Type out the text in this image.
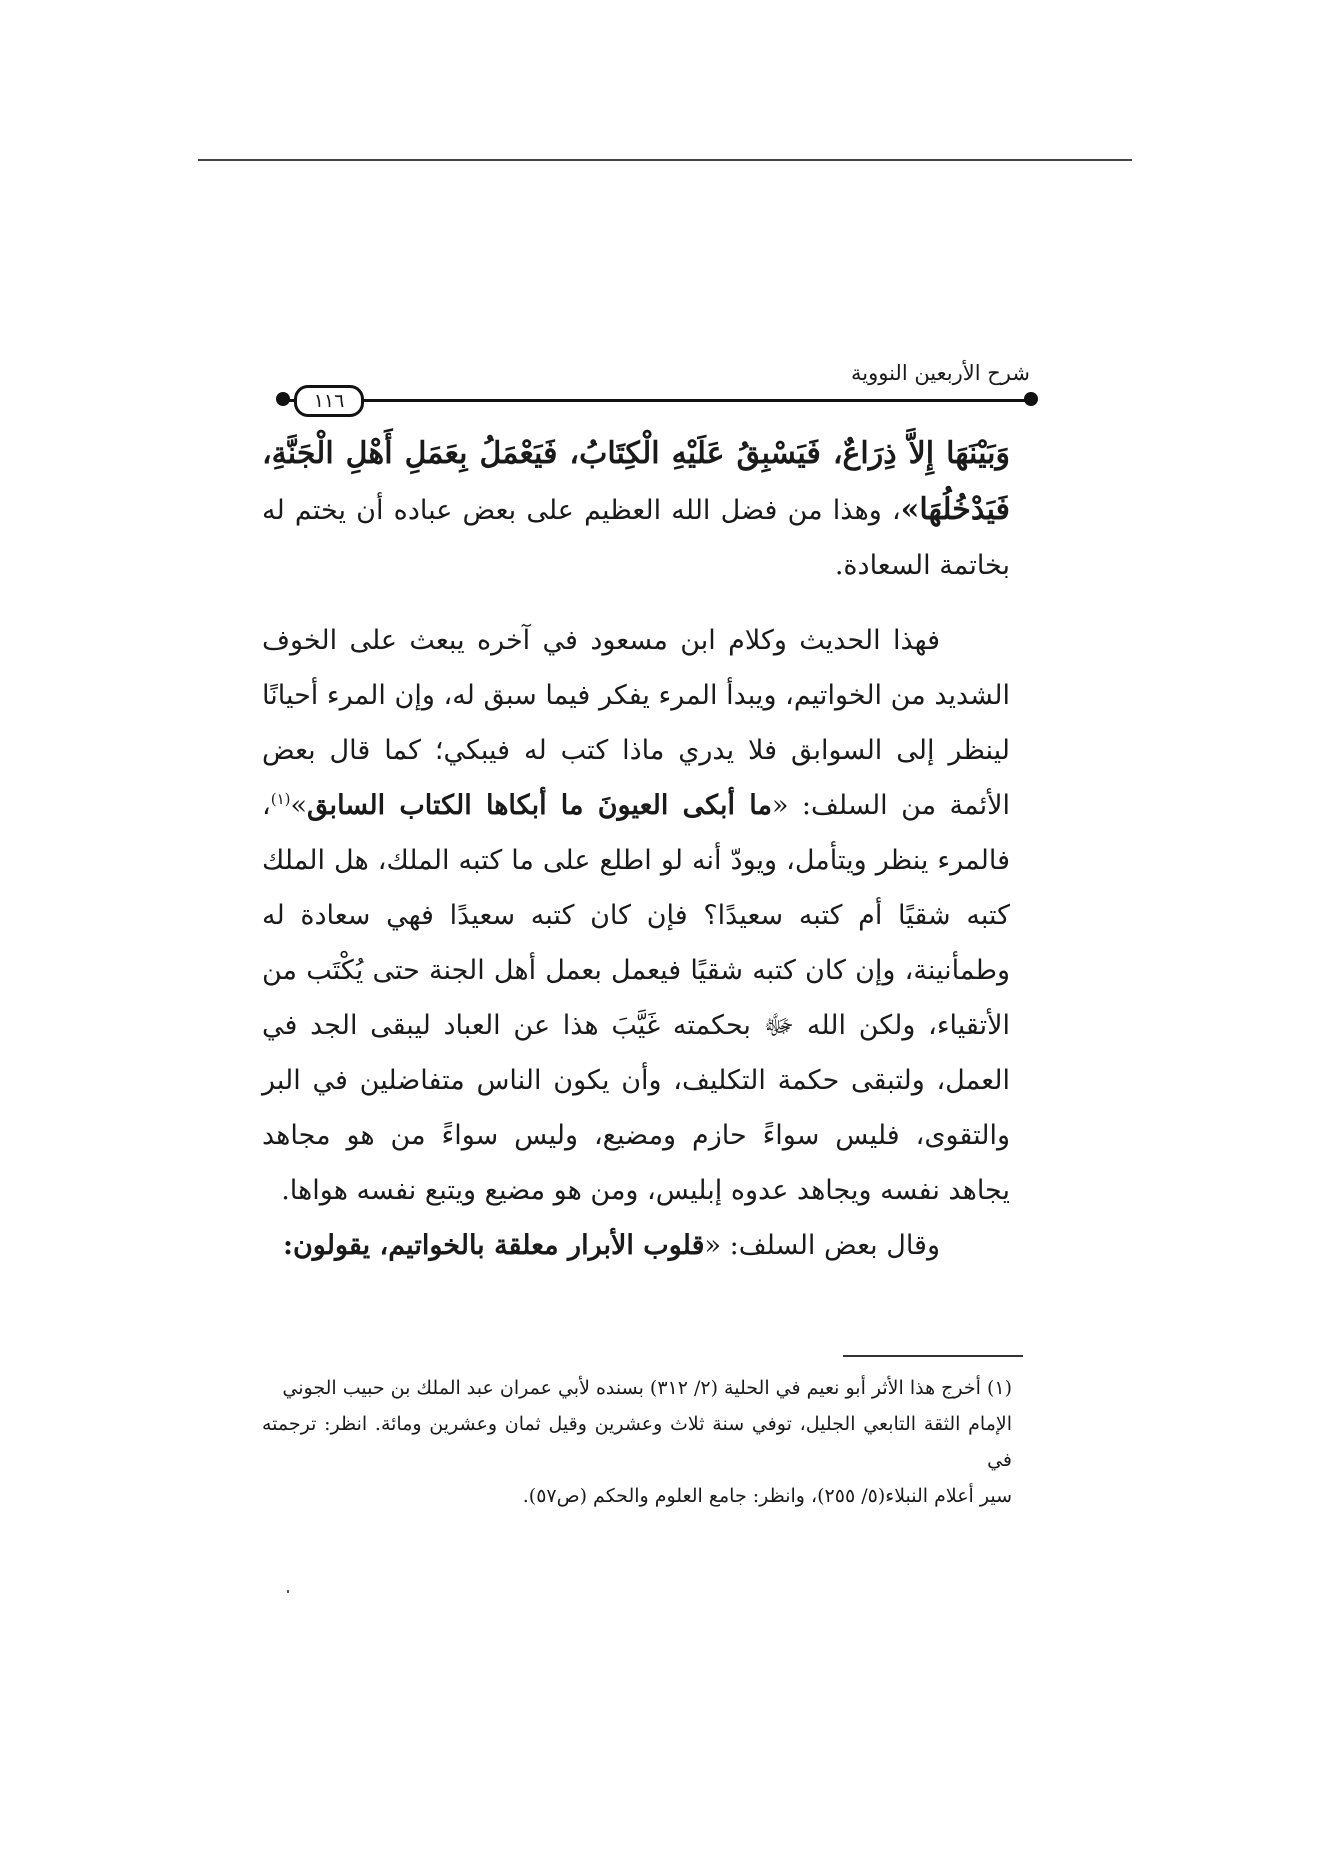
شرح الأربعين النووية
١١٦

وَبَيْنَهَا إِلاَّ ذِرَاعٌ، فَيَسْبِقُ عَلَيْهِ الْكِتَابُ، فَيَعْمَلُ بِعَمَلِ أَهْلِ الْجَنَّةِ، فَيَدْخُلُهَا»، وهذا من فضل الله العظيم على بعض عباده أن يختم له بخاتمة السعادة.

فهذا الحديث وكلام ابن مسعود في آخره يبعث على الخوف الشديد من الخواتيم، ويبدأ المرء يفكر فيما سبق له، وإن المرء أحيانًا لينظر إلى السوابق فلا يدري ماذا كتب له فيبكي؛ كما قال بعض الأئمة من السلف: «ما أبكى العيونَ ما أبكاها الكتاب السابق»$^{(١)}$، فالمرء ينظر ويتأمل، ويودّ أنه لو اطلع على ما كتبه الملك، هل الملك كتبه شقيًا أم كتبه سعيدًا؟ فإن كان كتبه سعيدًا فهي سعادة له وطمأنينة، وإن كان كتبه شقيًا فيعمل بعمل أهل الجنة حتى يُكْتَب من الأتقياء، ولكن الله ﷻ بحكمته غَيَّبَ هذا عن العباد ليبقى الجد في العمل، ولتبقى حكمة التكليف، وأن يكون الناس متفاضلين في البر والتقوى، فليس سواءً حازم ومضيع، وليس سواءً من هو مجاهد يجاهد نفسه ويجاهد عدوه إبليس، ومن هو مضيع ويتبع نفسه هواها.

وقال بعض السلف: «قلوب الأبرار معلقة بالخواتيم، يقولون:

(١) أخرج هذا الأثر أبو نعيم في الحلية (٢/ ٣١٢) بسنده لأبي عمران عبد الملك بن حبيب الجوني

الإمام الثقة التابعي الجليل، توفي سنة ثلاث وعشرين وقيل ثمان وعشرين ومائة. انظر: ترجمته في

سير أعلام النبلاء(٥/ ٢٥٥)، وانظر: جامع العلوم والحكم (ص٥٧).
